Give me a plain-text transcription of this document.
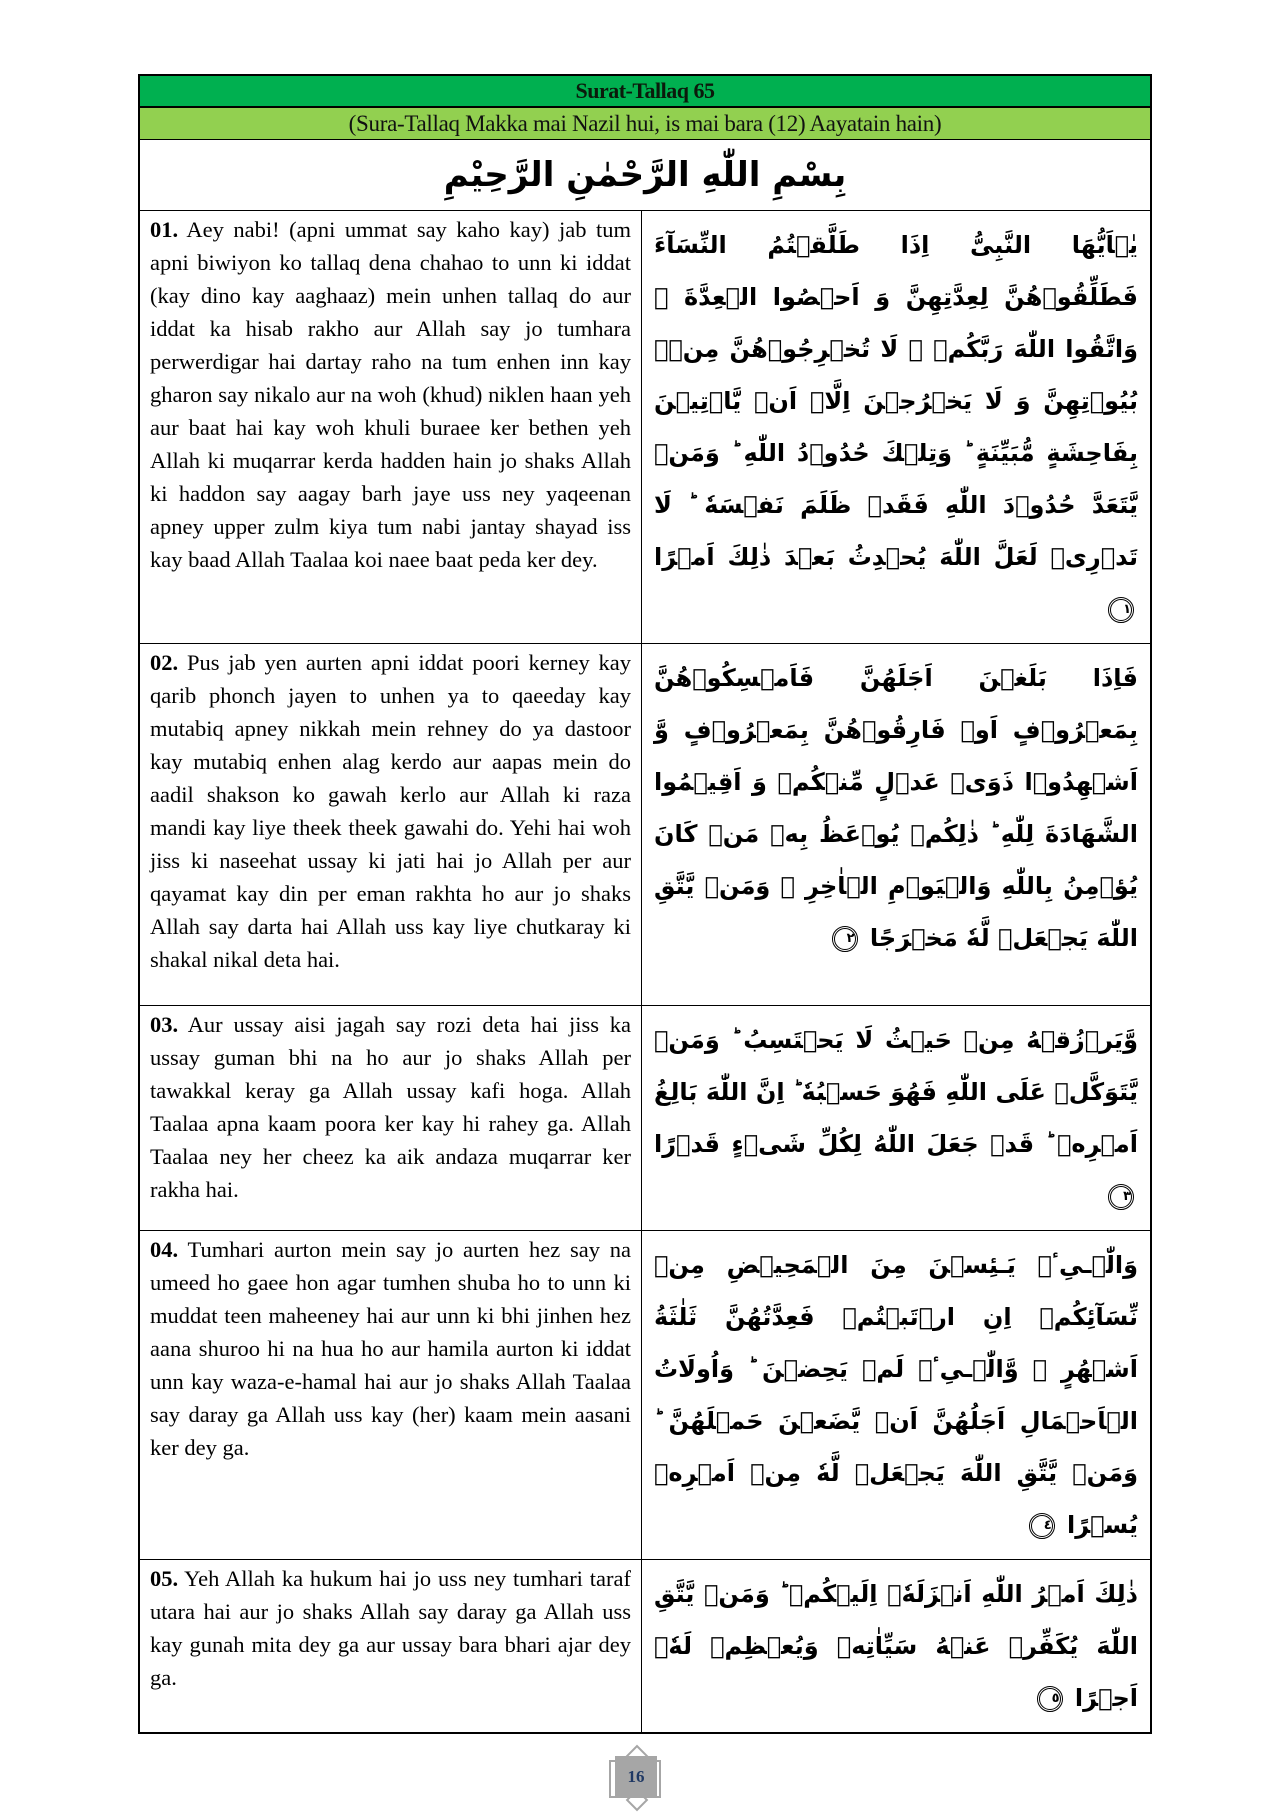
Surat-Tallaq 65
(Sura-Tallaq Makka mai Nazil hui, is mai bara (12) Aayatain hain)
بِسْمِ اللّٰهِ الرَّحْمٰنِ الرَّحِيْمِ
01. Aey nabi! (apni ummat say kaho kay) jab tum apni biwiyon ko tallaq dena chahao to unn ki iddat (kay dino kay aaghaaz) mein unhen tallaq do aur iddat ka hisab rakho aur Allah say jo tumhara perwerdigar hai dartay raho na tum enhen inn kay gharon say nikalo aur na woh (khud) niklen haan yeh aur baat hai kay woh khuli buraee ker bethen yeh Allah ki muqarrar kerda hadden hain jo shaks Allah ki haddon say aagay barh jaye uss ney yaqeenan apney upper zulm kiya tum nabi jantay shayad iss kay baad Allah Taalaa koi naee baat peda ker dey.
يٰۤاَيُّهَا النَّبِىُّ اِذَا طَلَّقۡتُمُ النِّسَآءَ فَطَلِّقُوۡهُنَّ لِعِدَّتِهِنَّ وَ اَحۡصُوا الۡعِدَّةَ ۚ وَاتَّقُوا اللّٰهَ رَبَّكُمۡ ۚ لَا تُخۡرِجُوۡهُنَّ مِنۡۢ بُيُوۡتِهِنَّ وَ لَا يَخۡرُجۡنَ اِلَّاۤ اَنۡ يَّاۡتِيۡنَ بِفَاحِشَةٍ مُّبَيِّنَةٍ ؕ وَتِلۡكَ حُدُوۡدُ اللّٰهِ ؕ وَمَنۡ يَّتَعَدَّ حُدُوۡدَ اللّٰهِ فَقَدۡ ظَلَمَ نَفۡسَهٗ ؕ لَا تَدۡرِىۡ لَعَلَّ اللّٰهَ يُحۡدِثُ بَعۡدَ ذٰلِكَ اَمۡرًا ١
02. Pus jab yen aurten apni iddat poori kerney kay qarib phonch jayen to unhen ya to qaeeday kay mutabiq apney nikkah mein rehney do ya dastoor kay mutabiq enhen alag kerdo aur aapas mein do aadil shakson ko gawah kerlo aur Allah ki raza mandi kay liye theek theek gawahi do. Yehi hai woh jiss ki naseehat ussay ki jati hai jo Allah per aur qayamat kay din per eman rakhta ho aur jo shaks Allah say darta hai Allah uss kay liye chutkaray ki shakal nikal deta hai.
فَاِذَا بَلَغۡنَ اَجَلَهُنَّ فَاَمۡسِكُوۡهُنَّ بِمَعۡرُوۡفٍ اَوۡ فَارِقُوۡهُنَّ بِمَعۡرُوۡفٍ وَّ اَشۡهِدُوۡا ذَوَىۡ عَدۡلٍ مِّنۡكُمۡ وَ اَقِيۡمُوا الشَّهَادَةَ لِلّٰهِ ؕ ذٰلِكُمۡ يُوۡعَظُ بِهٖ مَنۡ كَانَ يُؤۡمِنُ بِاللّٰهِ وَالۡيَوۡمِ الۡاٰخِرِ ۬ وَمَنۡ يَّتَّقِ اللّٰهَ يَجۡعَلۡ لَّهٗ مَخۡرَجًا ٢
03. Aur ussay aisi jagah say rozi deta hai jiss ka ussay guman bhi na ho aur jo shaks Allah per tawakkal keray ga Allah ussay kafi hoga. Allah Taalaa apna kaam poora ker kay hi rahey ga. Allah Taalaa ney her cheez ka aik andaza muqarrar ker rakha hai.
وَّيَرۡزُقۡهُ مِنۡ حَيۡثُ لَا يَحۡتَسِبُ ؕ وَمَنۡ يَّتَوَكَّلۡ عَلَى اللّٰهِ فَهُوَ حَسۡبُهٗ ؕ اِنَّ اللّٰهَ بَالِغُ اَمۡرِهٖ ؕ قَدۡ جَعَلَ اللّٰهُ لِكُلِّ شَىۡءٍ قَدۡرًا ٣
04. Tumhari aurton mein say jo aurten hez say na umeed ho gaee hon agar tumhen shuba ho to unn ki muddat teen maheeney hai aur unn ki bhi jinhen hez aana shuroo hi na hua ho aur hamila aurton ki iddat unn kay waza-e-hamal hai aur jo shaks Allah Taalaa say daray ga Allah uss kay (her) kaam mein aasani ker dey ga.
وَالّٰۤـىِٴۡ يَـئِسۡنَ مِنَ الۡمَحِيۡضِ مِنۡ نِّسَآئِكُمۡ اِنِ ارۡتَبۡتُمۡ فَعِدَّتُهُنَّ ثَلٰثَةُ اَشۡهُرٍ ۙ وَّالّٰۤـىِٴۡ لَمۡ يَحِضۡنَ ؕ وَاُولَاتُ الۡاَحۡمَالِ اَجَلُهُنَّ اَنۡ يَّضَعۡنَ حَمۡلَهُنَّ ؕ وَمَنۡ يَّتَّقِ اللّٰهَ يَجۡعَلۡ لَّهٗ مِنۡ اَمۡرِهٖ يُسۡرًا ٤
05. Yeh Allah ka hukum hai jo uss ney tumhari taraf utara hai aur jo shaks Allah say daray ga Allah uss kay gunah mita dey ga aur ussay bara bhari ajar dey ga.
ذٰلِكَ اَمۡرُ اللّٰهِ اَنۡزَلَهٗۤ اِلَيۡكُمۡ ؕ وَمَنۡ يَّتَّقِ اللّٰهَ يُكَفِّرۡ عَنۡهُ سَيِّاٰتِهٖ وَيُعۡظِمۡ لَهٗۤ اَجۡرًا ٥
16
